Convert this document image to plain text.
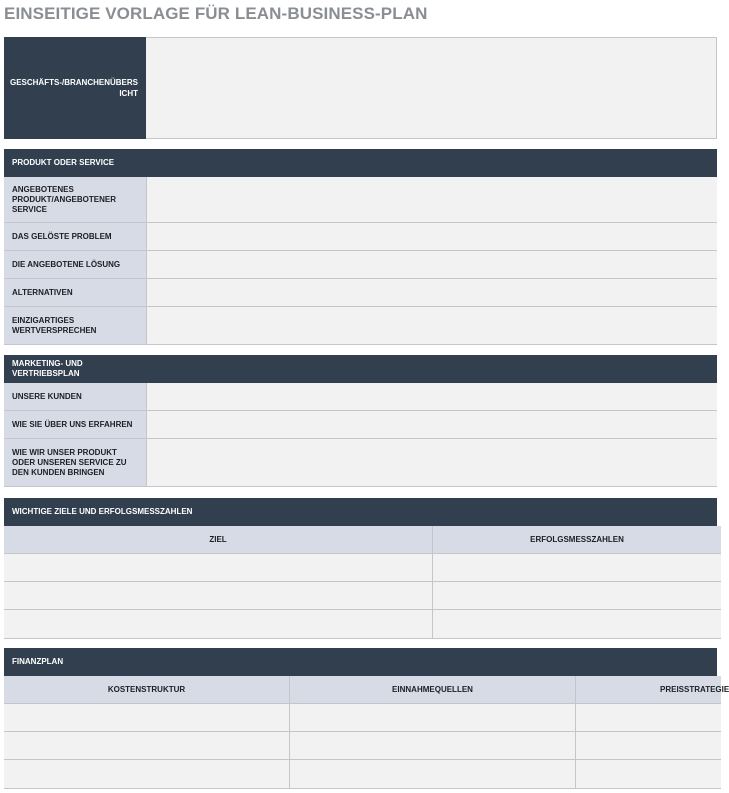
EINSEITIGE VORLAGE FÜR LEAN-BUSINESS-PLAN
GESCHÄFTS-/BRANCHENÜBERSICHT
PRODUKT ODER SERVICE
ANGEBOTENES PRODUKT/ANGEBOTENER SERVICE
DAS GELÖSTE PROBLEM
DIE ANGEBOTENE LÖSUNG
ALTERNATIVEN
EINZIGARTIGES WERTVERSPRECHEN
MARKETING- UND VERTRIEBSPLAN
UNSERE KUNDEN
WIE SIE ÜBER UNS ERFAHREN
WIE WIR UNSER PRODUKT ODER UNSEREN SERVICE ZU DEN KUNDEN BRINGEN
WICHTIGE ZIELE UND ERFOLGSMESSZAHLEN
ZIEL	ERFOLGSMESSZAHLEN
FINANZPLAN
KOSTENSTRUKTUR	EINNAHMEQUELLEN	PREISSTRATEGIE
